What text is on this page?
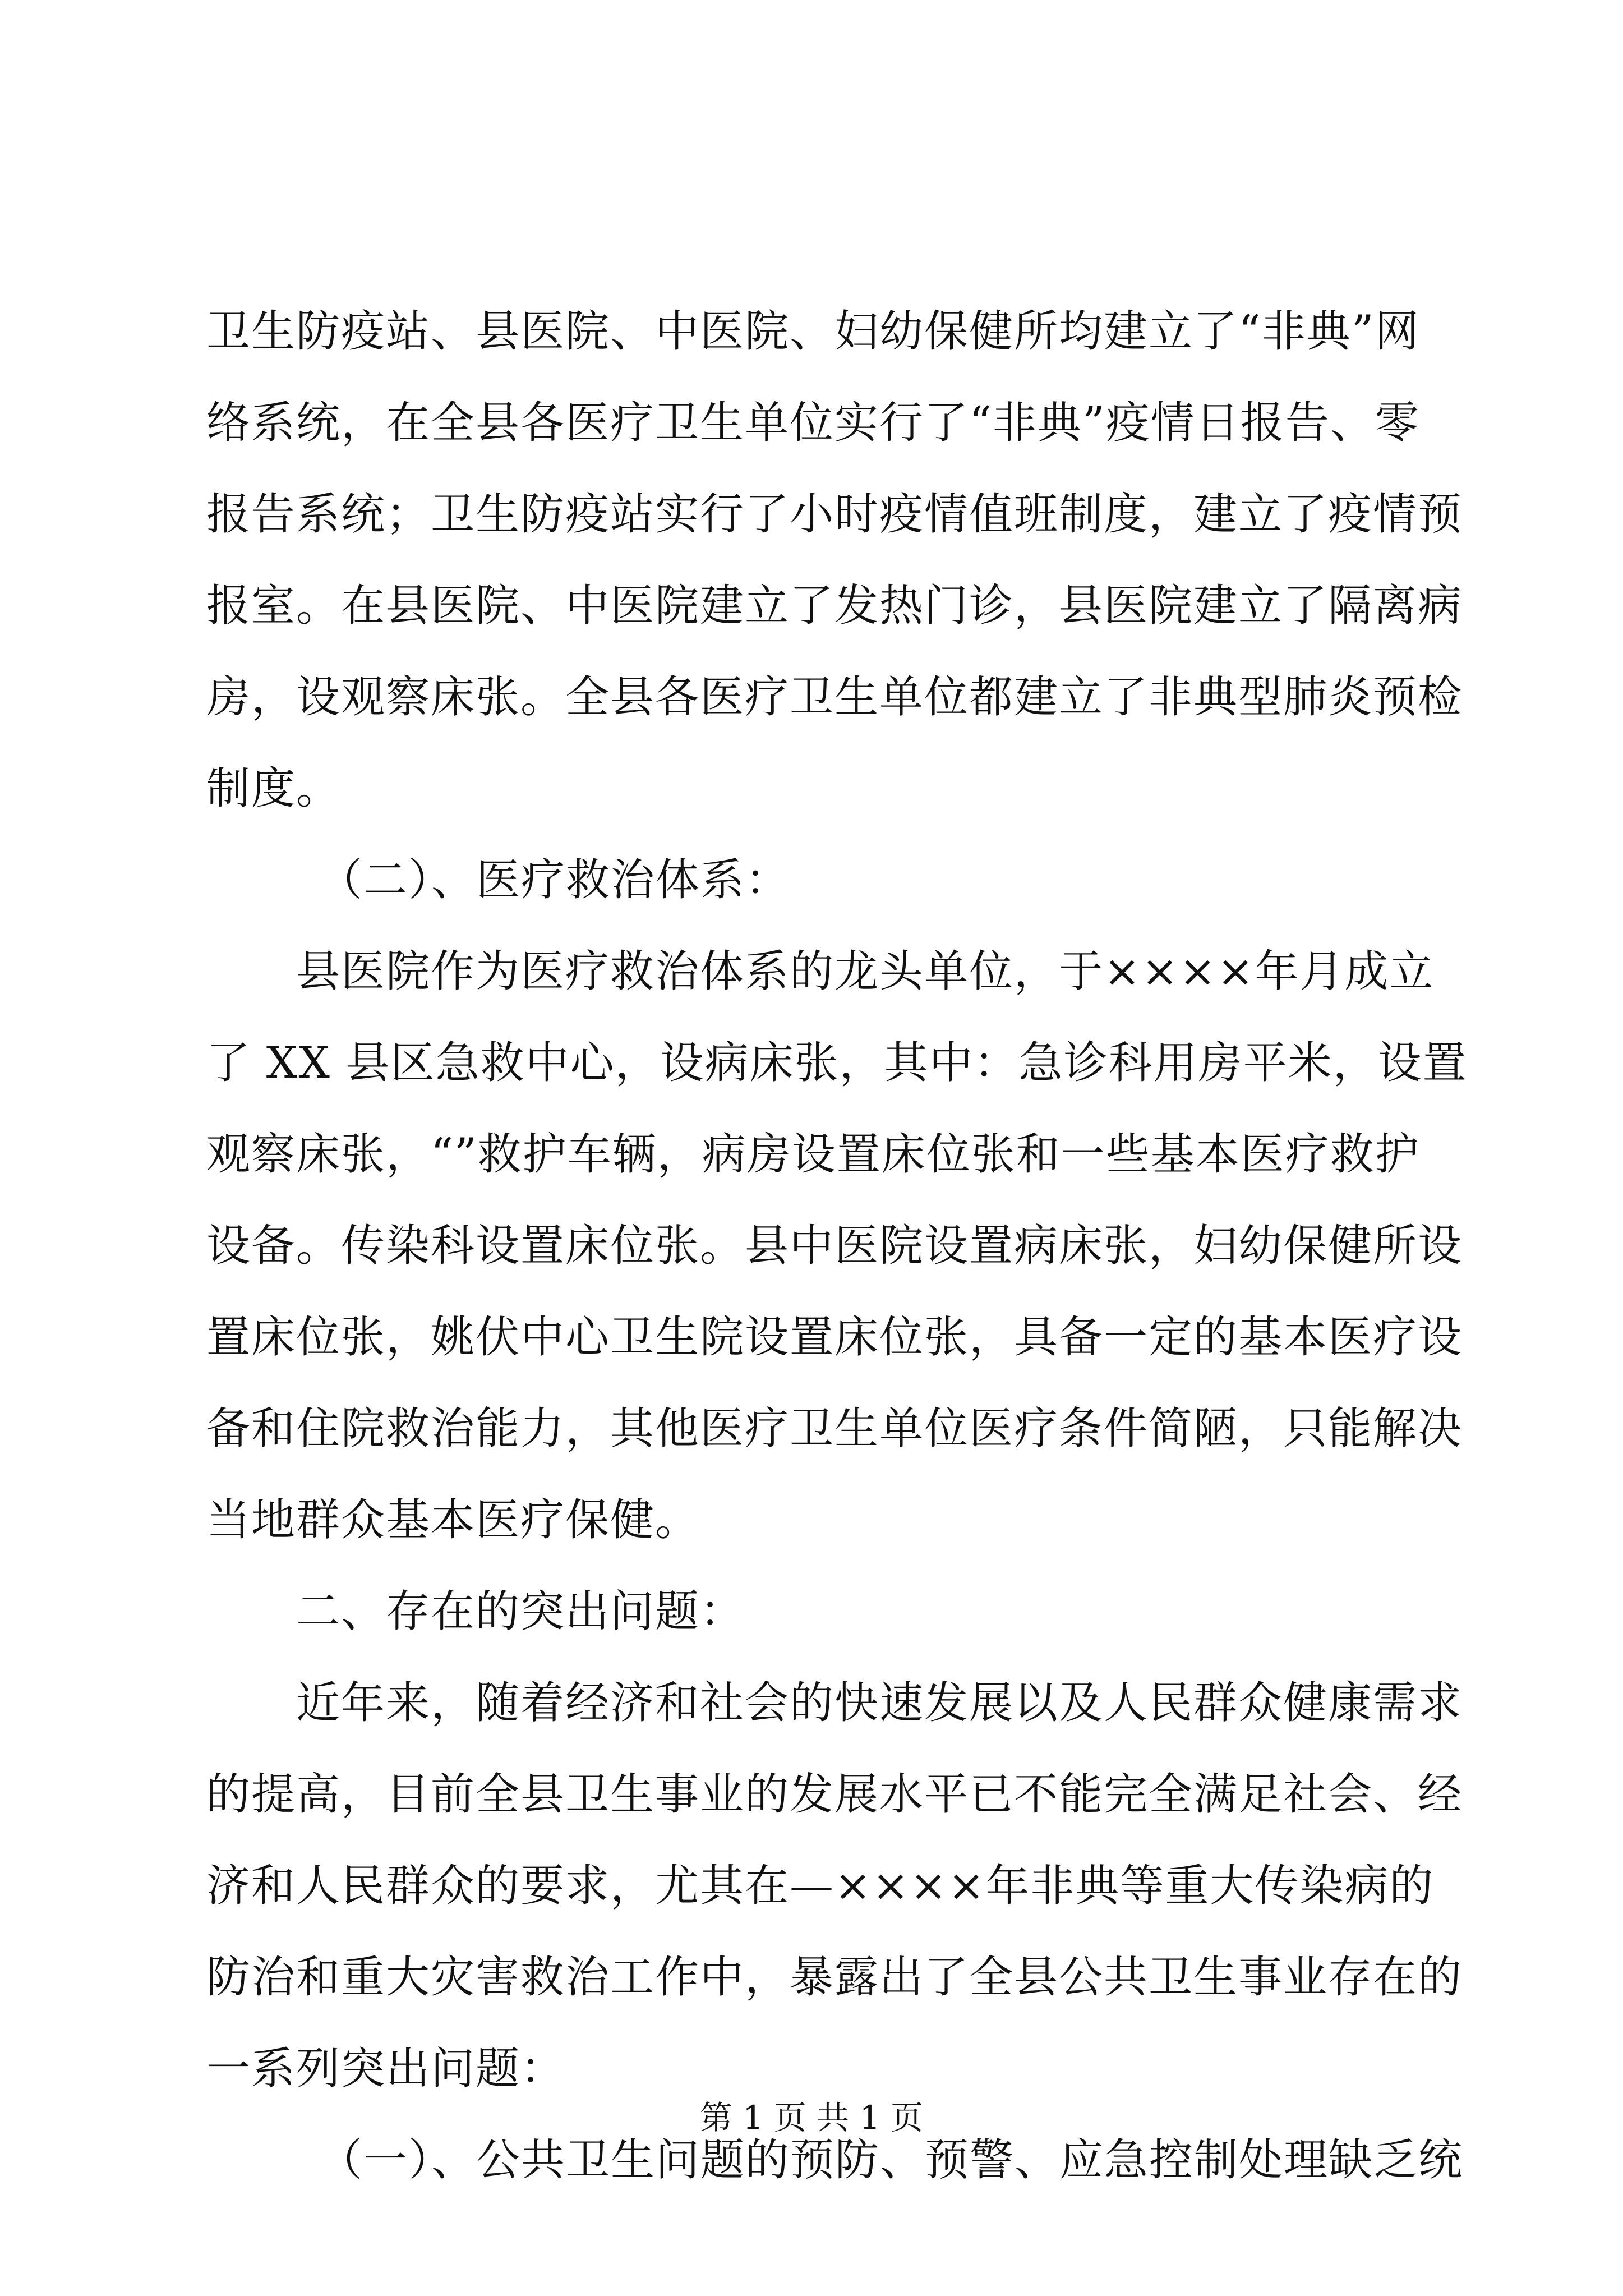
卫生防疫站、县医院、中医院、妇幼保健所均建立了“非典”网
络系统，在全县各医疗卫生单位实行了“非典”疫情日报告、零
报告系统；卫生防疫站实行了小时疫情值班制度，建立了疫情预
报室。在县医院、中医院建立了发热门诊，县医院建立了隔离病
房，设观察床张。全县各医疗卫生单位都建立了非典型肺炎预检
制度。
（二）、医疗救治体系：
县医院作为医疗救治体系的龙头单位，于××××年月成立
了 XX 县区急救中心，设病床张，其中：急诊科用房平米，设置
观察床张，“”救护车辆，病房设置床位张和一些基本医疗救护
设备。传染科设置床位张。县中医院设置病床张，妇幼保健所设
置床位张，姚伏中心卫生院设置床位张，具备一定的基本医疗设
备和住院救治能力，其他医疗卫生单位医疗条件简陋，只能解决
当地群众基本医疗保健。
二、存在的突出问题：
近年来，随着经济和社会的快速发展以及人民群众健康需求
的提高，目前全县卫生事业的发展水平已不能完全满足社会、经
济和人民群众的要求，尤其在—××××年非典等重大传染病的
防治和重大灾害救治工作中，暴露出了全县公共卫生事业存在的
一系列突出问题：
（一）、公共卫生问题的预防、预警、应急控制处理缺乏统
第 1 页 共 1 页
